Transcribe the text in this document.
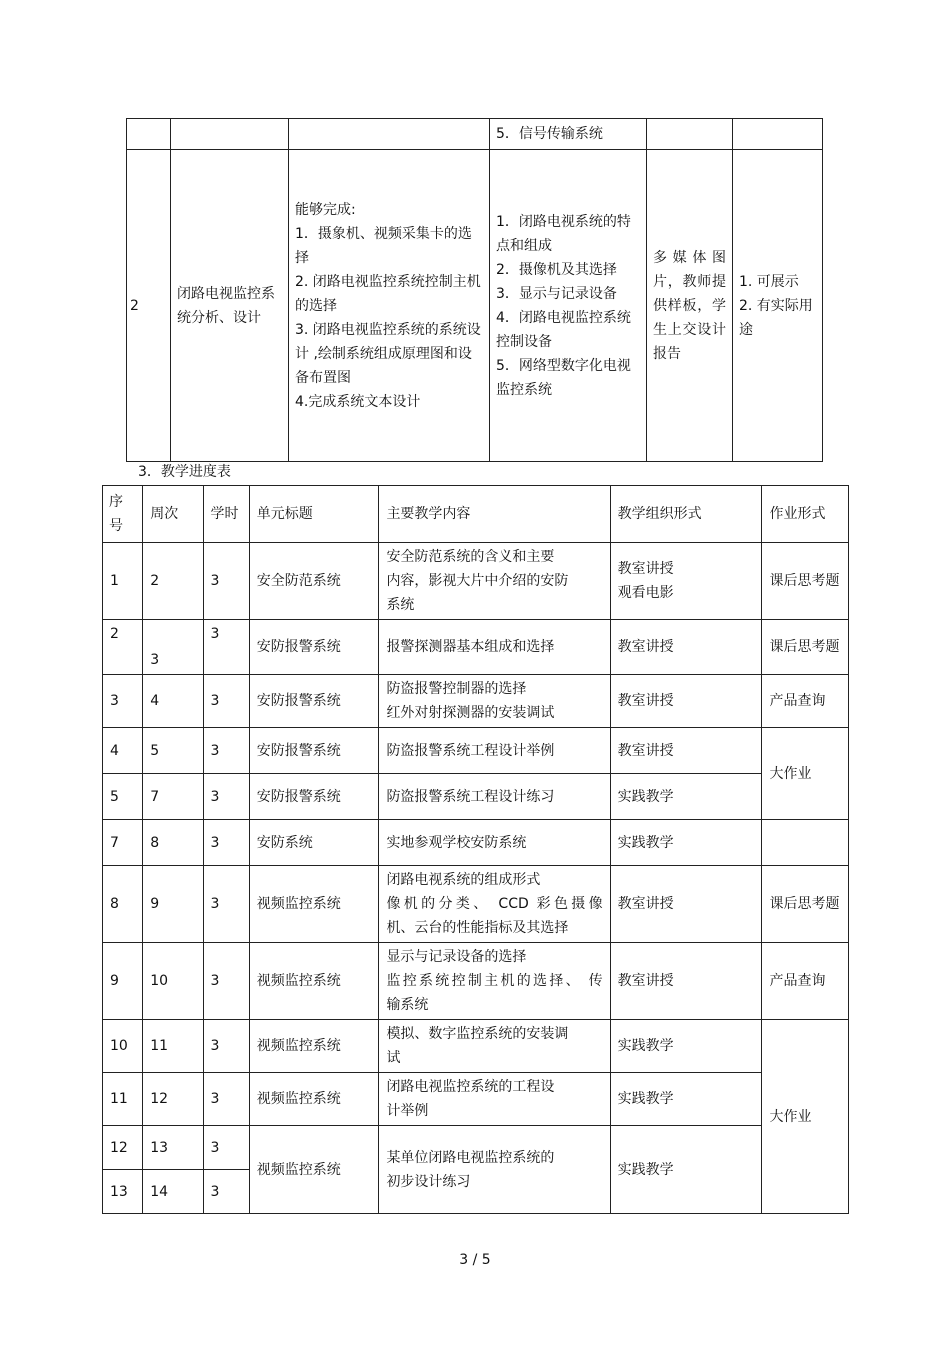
			5．信号传输系统		
2	闭路电视监控系统分析、设计	能够完成:
1．摄象机、视频采集卡的选择
2. 闭路电视监控系统控制主机的选择
3. 闭路电视监控系统的系统设计 ,绘制系统组成原理图和设备布置图
4.完成系统文本设计	1．闭路电视系统的特点和组成
2．摄像机及其选择
3．显示与记录设备
4．闭路电视监控系统控制设备
5．网络型数字化电视监控系统	多媒体图片，教师提供样板，学生上交设计报告	1. 可展示
2. 有实际用途
3．教学进度表
序号	周次	学时	单元标题	主要教学内容	教学组织形式	作业形式
1	2	3	安全防范系统	安全防范系统的含义和主要
内容，影视大片中介绍的安防
系统	教室讲授
观看电影	课后思考题
2	3	3	安防报警系统	报警探测器基本组成和选择	教室讲授	课后思考题
3	4	3	安防报警系统	防盗报警控制器的选择
红外对射探测器的安装调试	教室讲授	产品查询
4	5	3	安防报警系统	防盗报警系统工程设计举例	教室讲授	大作业
5	7	3	安防报警系统	防盗报警系统工程设计练习	实践教学	

7	8	3	安防系统	实地参观学校安防系统	实践教学	

8	9	3	视频监控系统	闭路电视系统的组成形式
像机的分类、 CCD 彩色摄像
机、云台的性能指标及其选择	教室讲授	课后思考题
9	10	3	视频监控系统	显示与记录设备的选择
监控系统控制主机的选择、 传
输系统	教室讲授	产品查询
10	11	3	视频监控系统	模拟、数字监控系统的安装调
试	实践教学	大作业
11	12	3	视频监控系统	闭路电视监控系统的工程设
计举例	实践教学	

12	13	3	视频监控系统	某单位闭路电视监控系统的
初步设计练习	实践教学	

13	14	3				
3 / 5
